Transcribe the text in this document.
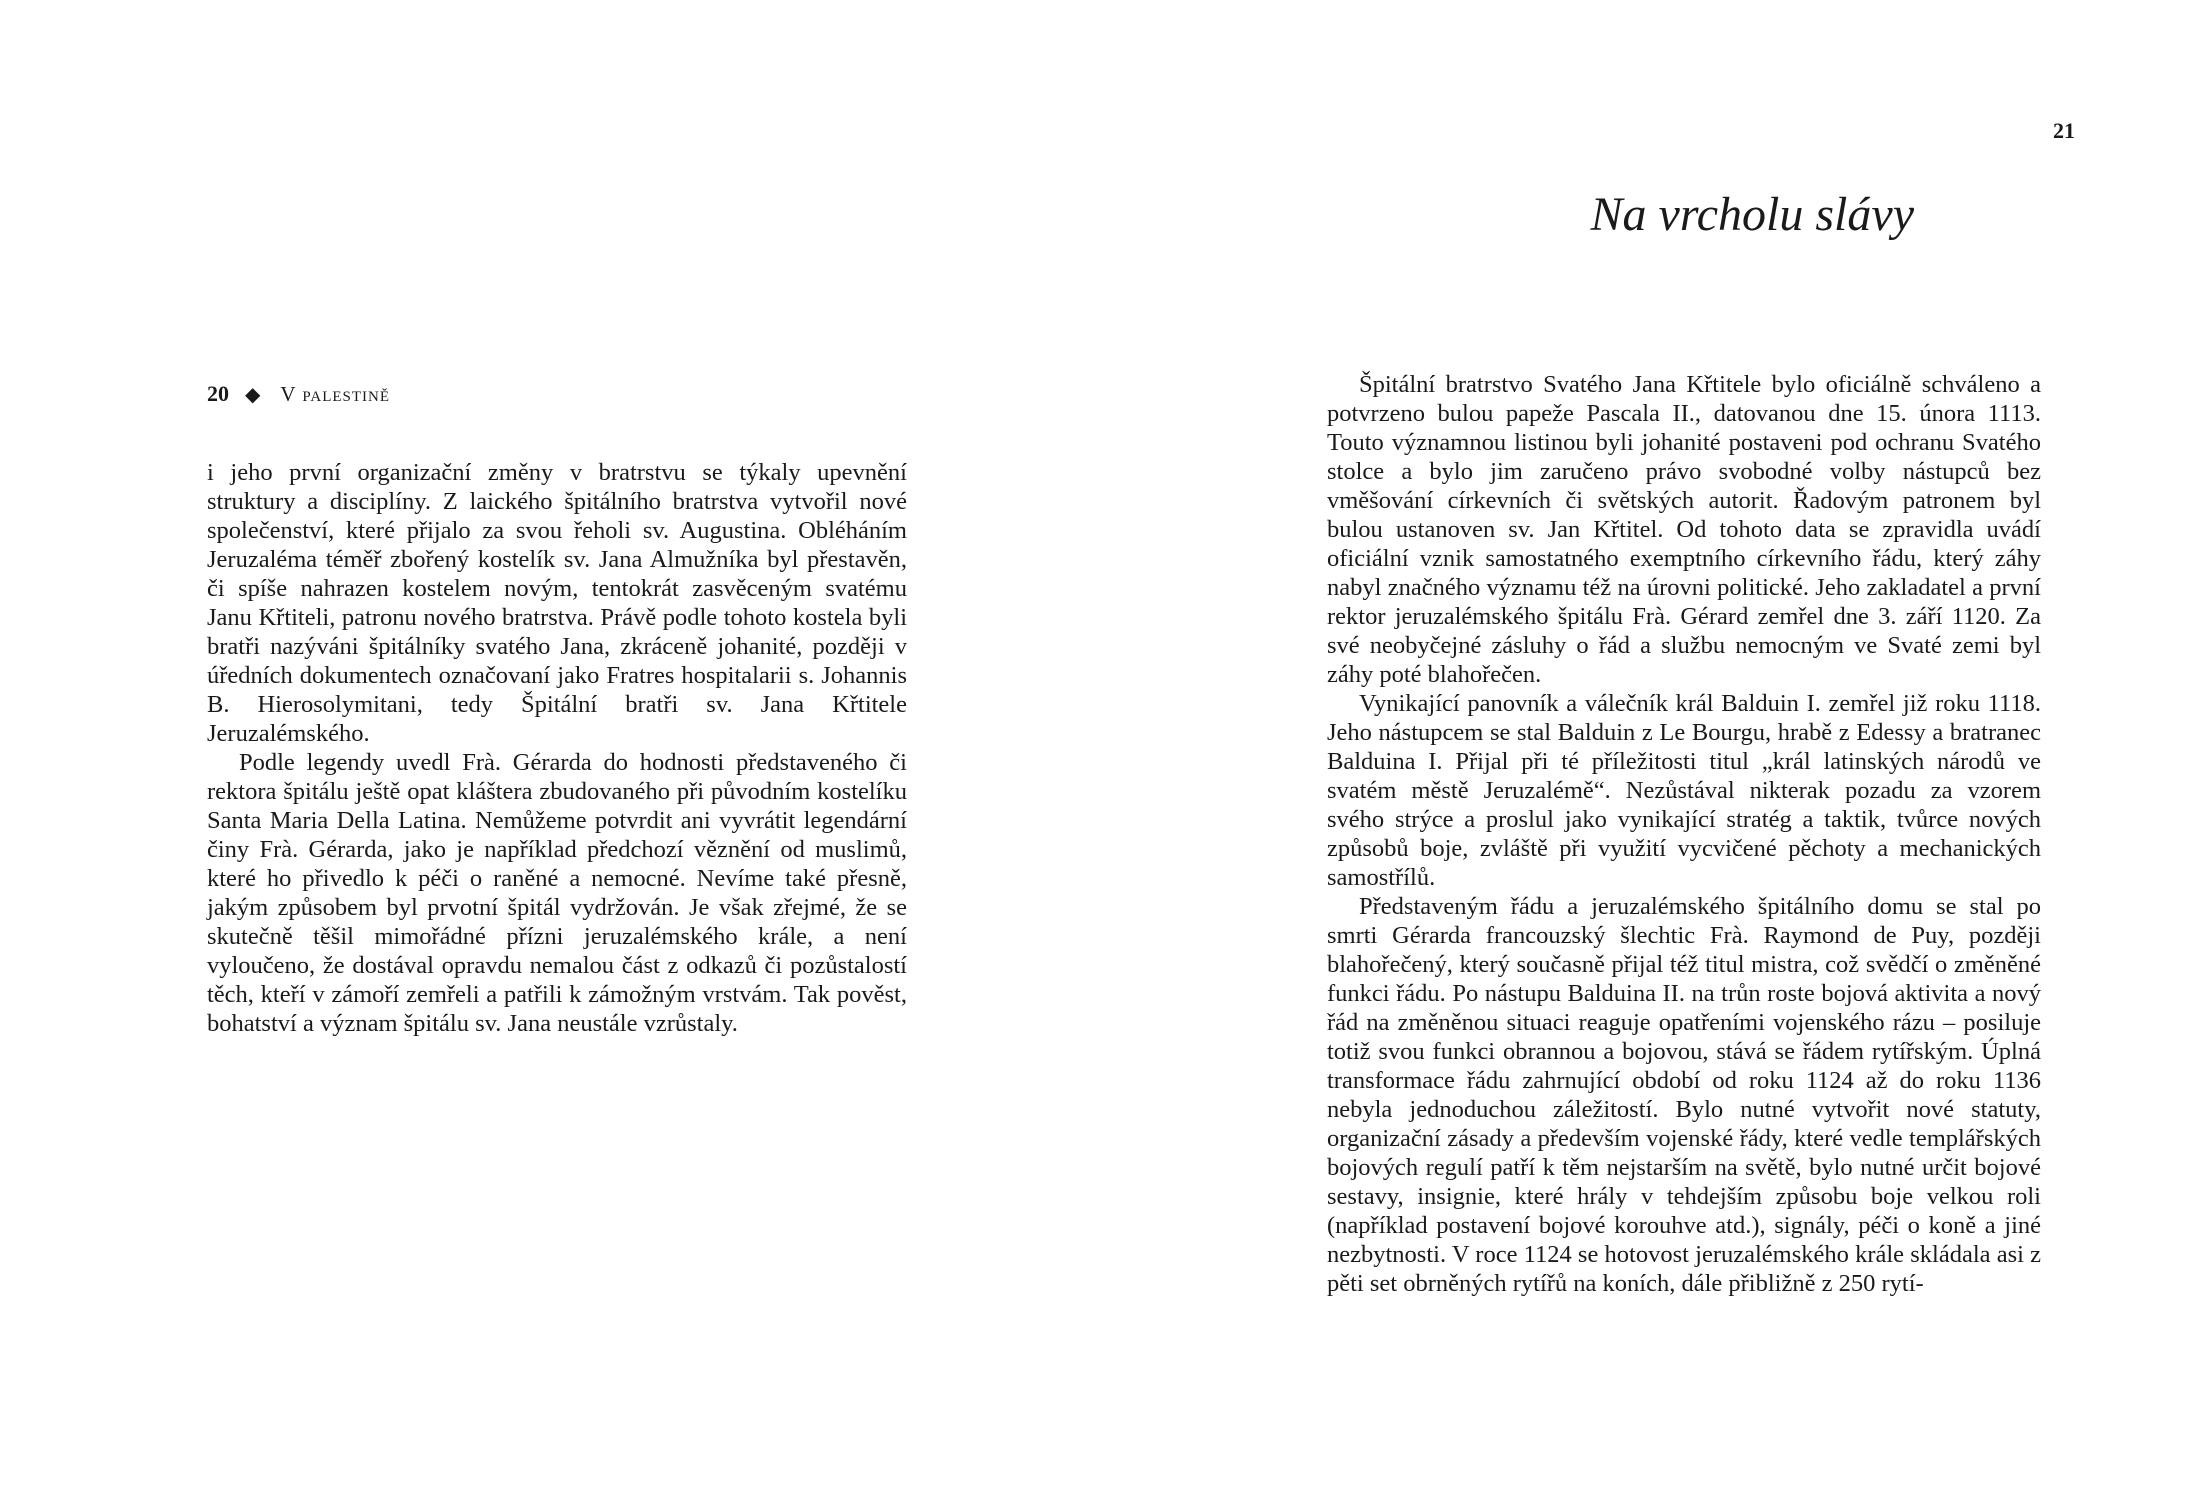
20 ◆ V palestině

i jeho první organizační změny v bratrstvu se týkaly upevnění struktury a disciplíny. Z laického špitálního bratrstva vytvořil nové společenství, které přijalo za svou řeholi sv. Augustina. Obléháním Jeruzaléma téměř zbořený kostelík sv. Jana Almužníka byl přestavěn, či spíše nahrazen kostelem novým, tentokrát zasvěceným svatému Janu Křtiteli, patronu nového bratrstva. Právě podle tohoto kostela byli bratři nazýváni špitálníky svatého Jana, zkráceně johanité, později v úředních dokumentech označovaní jako Fratres hospitalarii s. Johannis B. Hierosolymitani, tedy Špitální bratři sv. Jana Křtitele Jeruzalémského.

Podle legendy uvedl Frà. Gérarda do hodnosti představeného či rektora špitálu ještě opat kláštera zbudovaného při původním kostelíku Santa Maria Della Latina. Nemůžeme potvrdit ani vyvrátit legendární činy Frà. Gérarda, jako je například předchozí věznění od muslimů, které ho přivedlo k péči o raněné a nemocné. Nevíme také přesně, jakým způsobem byl prvotní špitál vydržován. Je však zřejmé, že se skutečně těšil mimořádné přízni jeruzalémského krále, a není vyloučeno, že dostával opravdu nemalou část z odkazů či pozůstalostí těch, kteří v zámoří zemřeli a patřili k zámožným vrstvám. Tak pověst, bohatství a význam špitálu sv. Jana neustále vzrůstaly.

21
Na vrcholu slávy

Špitální bratrstvo Svatého Jana Křtitele bylo oficiálně schváleno a potvrzeno bulou papeže Pascala II., datovanou dne 15. února 1113. Touto významnou listinou byli johanité postaveni pod ochranu Svatého stolce a bylo jim zaručeno právo svobodné volby nástupců bez vměšování církevních či světských autorit. Řadovým patronem byl bulou ustanoven sv. Jan Křtitel. Od tohoto data se zpravidla uvádí oficiální vznik samostatného exemptního církevního řádu, který záhy nabyl značného významu též na úrovni politické. Jeho zakladatel a první rektor jeruzalémského špitálu Frà. Gérard zemřel dne 3. září 1120. Za své neobyčejné zásluhy o řád a službu nemocným ve Svaté zemi byl záhy poté blahořečen.

Vynikající panovník a válečník král Balduin I. zemřel již roku 1118. Jeho nástupcem se stal Balduin z Le Bourgu, hrabě z Edessy a bratranec Balduina I. Přijal při té příležitosti titul „král latinských národů ve svatém městě Jeruzalémě“. Nezůstával nikterak pozadu za vzorem svého strýce a proslul jako vynikající stratég a taktik, tvůrce nových způsobů boje, zvláště při využití vycvičené pěchoty a mechanických samostřílů.

Představeným řádu a jeruzalémského špitálního domu se stal po smrti Gérarda francouzský šlechtic Frà. Raymond de Puy, později blahořečený, který současně přijal též titul mistra, což svědčí o změněné funkci řádu. Po nástupu Balduina II. na trůn roste bojová aktivita a nový řád na změněnou situaci reaguje opatřeními vojenského rázu – posiluje totiž svou funkci obrannou a bojovou, stává se řádem rytířským. Úplná transformace řádu zahrnující období od roku 1124 až do roku 1136 nebyla jednoduchou záležitostí. Bylo nutné vytvořit nové statuty, organizační zásady a především vojenské řády, které vedle templářských bojových regulí patří k těm nejstarším na světě, bylo nutné určit bojové sestavy, insignie, které hrály v tehdejším způsobu boje velkou roli (například postavení bojové korouhve atd.), signály, péči o koně a jiné nezbytnosti. V roce 1124 se hotovost jeruzalémského krále skládala asi z pěti set obrněných rytířů na koních, dále přibližně z 250 rytí-
